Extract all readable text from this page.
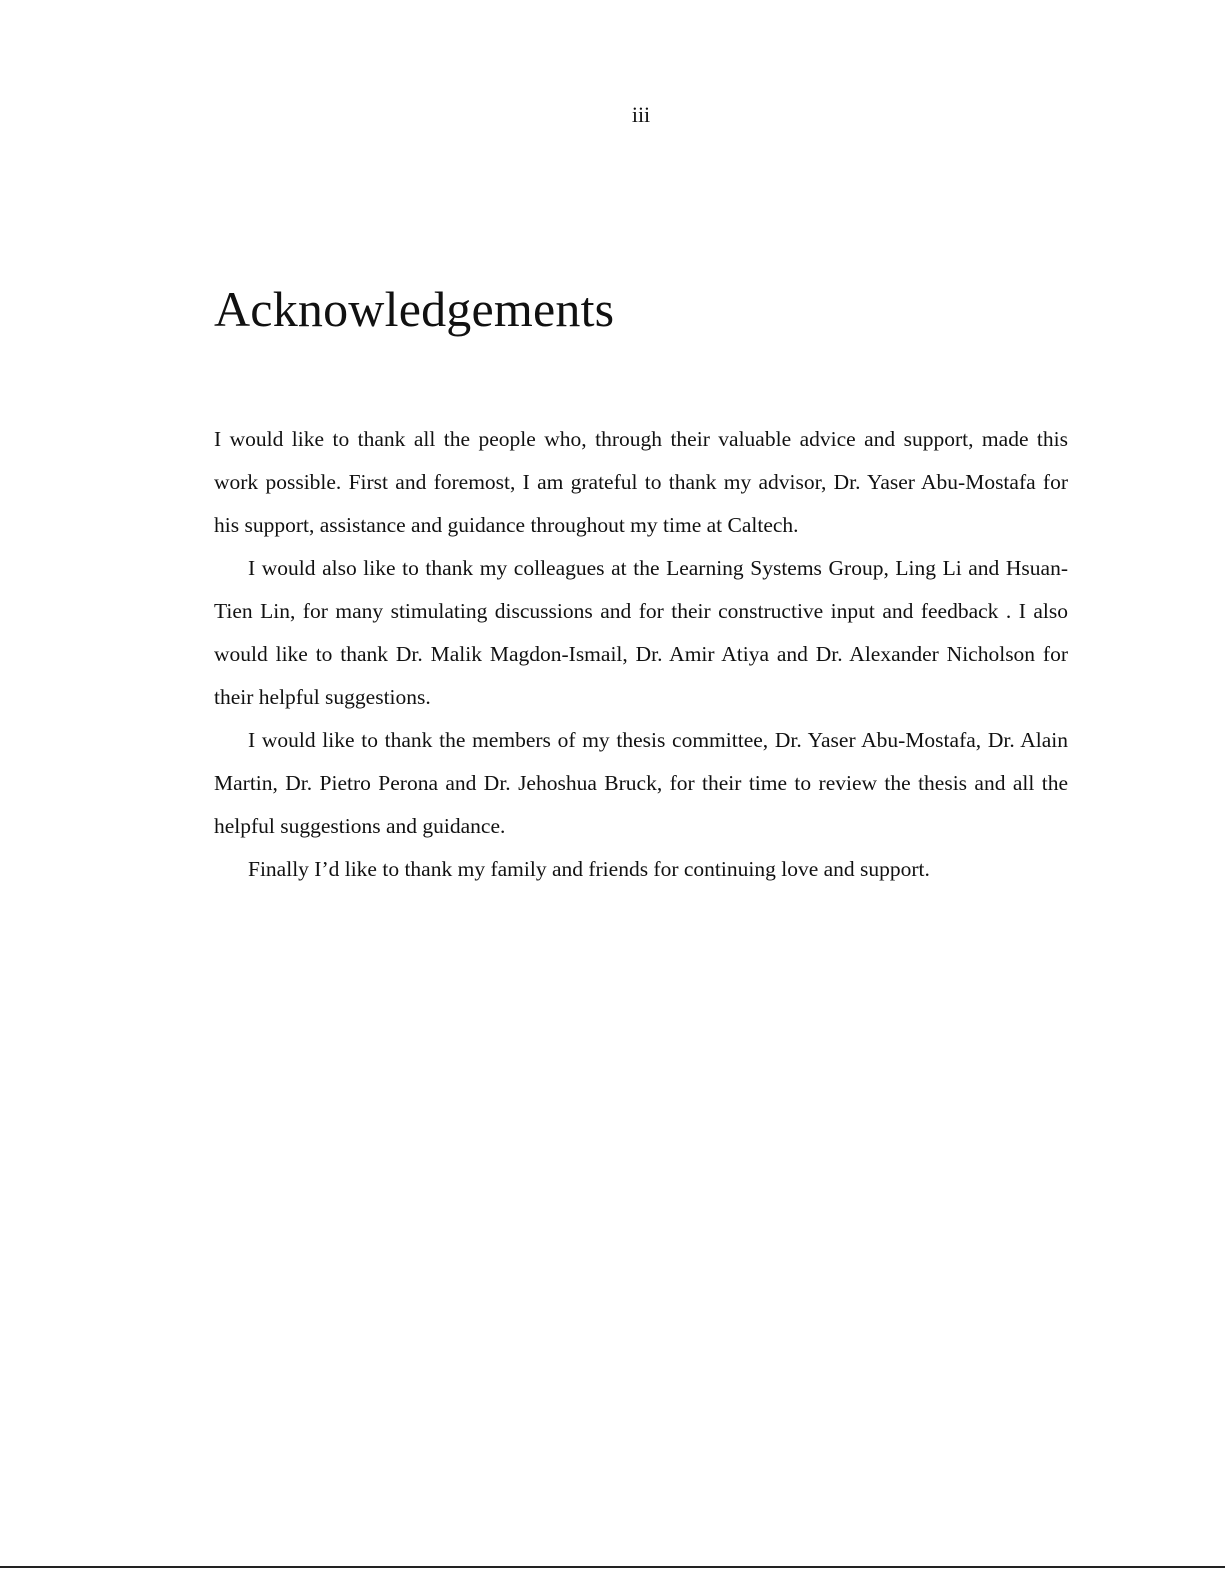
iii
Acknowledgements

I would like to thank all the people who, through their valuable advice and support, made this work possible. First and foremost, I am grateful to thank my advisor, Dr. Yaser Abu-Mostafa for his support, assistance and guidance throughout my time at Caltech.

I would also like to thank my colleagues at the Learning Systems Group, Ling Li and Hsuan-Tien Lin, for many stimulating discussions and for their constructive input and feedback . I also would like to thank Dr. Malik Magdon-Ismail, Dr. Amir Atiya and Dr. Alexander Nicholson for their helpful suggestions.

I would like to thank the members of my thesis committee, Dr. Yaser Abu-Mostafa, Dr. Alain Martin, Dr. Pietro Perona and Dr. Jehoshua Bruck, for their time to review the thesis and all the helpful suggestions and guidance.

Finally I’d like to thank my family and friends for continuing love and support.
